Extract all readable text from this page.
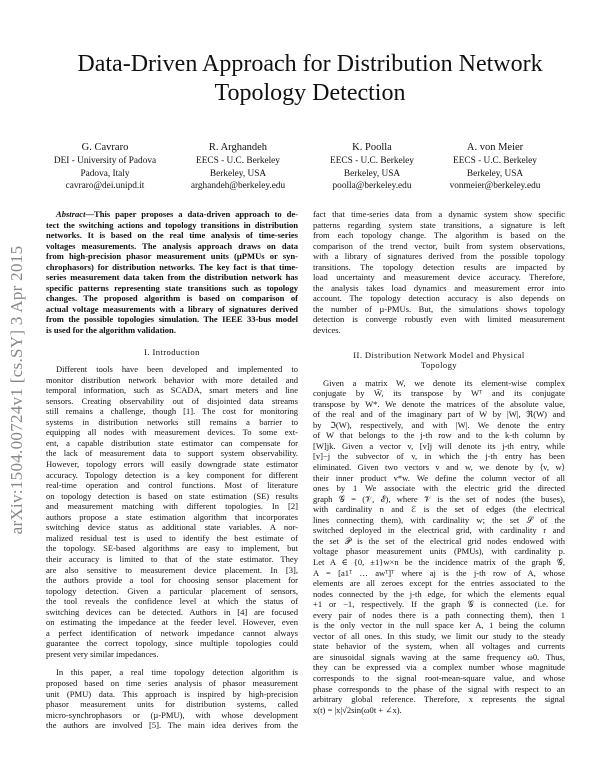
arXiv:1504.00724v1 [cs.SY] 3 Apr 2015
Data-Driven Approach for Distribution Network
Topology Detection
G. Cavraro
DEI - University of Padova
Padova, Italy
cavraro@dei.unipd.it
R. Arghandeh
EECS - U.C. Berkeley
Berkeley, USA
arghandeh@berkeley.edu
K. Poolla
EECS - U.C. Berkeley
Berkeley, USA
poolla@berkeley.edu
A. von Meier
EECS - U.C. Berkeley
Berkeley, USA
vonmeier@berkeley.edu
Abstract—This paper proposes a data-driven approach to de-
tect the switching actions and topology transitions in distribution
networks. It is based on the real time analysis of time-series
voltages measurements. The analysis approach draws on data
from high-precision phasor measurement units (µPMUs or syn-
chrophasors) for distribution networks. The key fact is that time-
series measurement data taken from the distribution network has
specific patterns representing state transitions such as topology
changes. The proposed algorithm is based on comparison of
actual voltage measurements with a library of signatures derived
from the possible topologies simulation. The IEEE 33-bus model
is used for the algorithm validation.
I. Introduction
Different tools have been developed and implemented to
monitor distribution network behavior with more detailed and
temporal information, such as SCADA, smart meters and line
sensors. Creating observability out of disjointed data streams
still remains a challenge, though [1]. The cost for monitoring
systems in distribution networks still remains a barrier to
equipping all nodes with measurement devices. To some ext-
ent, a capable distribution state estimator can compensate for
the lack of measurement data to support system observability.
However, topology errors will easily downgrade state estimator
accuracy. Topology detection is a key component for different
real-time operation and control functions. Most of literature
on topology detection is based on state estimation (SE) results
and measurement matching with different topologies. In [2]
authors propose a state estimation algorithm that incorporates
switching device status as additional state variables. A nor-
malized residual test is used to identify the best estimate of
the topology. SE-based algorithms are easy to implement, but
their accuracy is limited to that of the state estimator. They
are also sensitive to measurement device placement. In [3],
the authors provide a tool for choosing sensor placement for
topology detection. Given a particular placement of sensors,
the tool reveals the confidence level at which the status of
switching devices can be detected. Authors in [4] are focused
on estimating the impedance at the feeder level. However, even
a perfect identification of network impedance cannot always
guarantee the correct topology, since multiple topologies could
present very similar impedances.
In this paper, a real time topology detection algorithm is
proposed based on time series analysis of phasor measurement
unit (PMU) data. This approach is inspired by high-precision
phasor measurement units for distribution systems, called
micro-synchrophasors or (µ-PMU), with whose development
the authors are involved [5]. The main idea derives from the
fact that time-series data from a dynamic system show specific
patterns regarding system state transitions, a signature is left
from each topology change. The algorithm is based on the
comparison of the trend vector, built from system observations,
with a library of signatures derived from the possible topology
transitions. The topology detection results are impacted by
load uncertainty and measurement device accuracy. Therefore,
the analysis takes load dynamics and measurement error into
account. The topology detection accuracy is also depends on
the number of µ-PMUs. But, the simulations shows topology
detection is converge robustly even with limited measurement
devices.
II. Distribution Network Model and Physical
Topology
Given a matrix W, we denote its element-wise complex
conjugate by W̄, its transpose by Wᵀ and its conjugate
transpose by W*. We denote the matrices of the absolute value,
of the real and of the imaginary part of W by |W|, ℜ(W) and
by ℑ(W), respectively, and with |W|. We denote the entry
of W that belongs to the j-th row and to the k-th column by
[W]jk. Given a vector v, [v]j will denote its j-th entry, while
[v]−j the subvector of v, in which the j-th entry has been
eliminated. Given two vectors v and w, we denote by ⟨v, w⟩
their inner product v*w. We define the column vector of all
ones by 1 We associate with the electric grid the directed
graph 𝒢 = (𝒱, ℰ), where 𝒱 is the set of nodes (the buses),
with cardinality n and ℰ is the set of edges (the electrical
lines connecting them), with cardinality w; the set 𝒮 of the
switched deployed in the electrical grid, with cardinality r and
the set 𝒫 is the set of the electrical grid nodes endowed with
voltage phasor measurement units (PMUs), with cardinality p.
Let A ∈ {0, ±1}w×n be the incidence matrix of the graph 𝒢,
A = [a1ᵀ … awᵀ]ᵀ where aj is the j-th row of A, whose
elements are all zeroes except for the entries associated to the
nodes connected by the j-th edge, for which the elements equal
+1 or −1, respectively. If the graph 𝒢 is connected (i.e. for
every pair of nodes there is a path connecting them), then 1
is the only vector in the null space ker A, 1 being the column
vector of all ones. In this study, we limit our study to the steady
state behavior of the system, when all voltages and currents
are sinusoidal signals waving at the same frequency ω0. Thus,
they can be expressed via a complex number whose magnitude
corresponds to the signal root-mean-square value, and whose
phase corresponds to the phase of the signal with respect to an
arbitrary global reference. Therefore, x represents the signal
x(t) = |x|√2sin(ω0t + ∠x).
